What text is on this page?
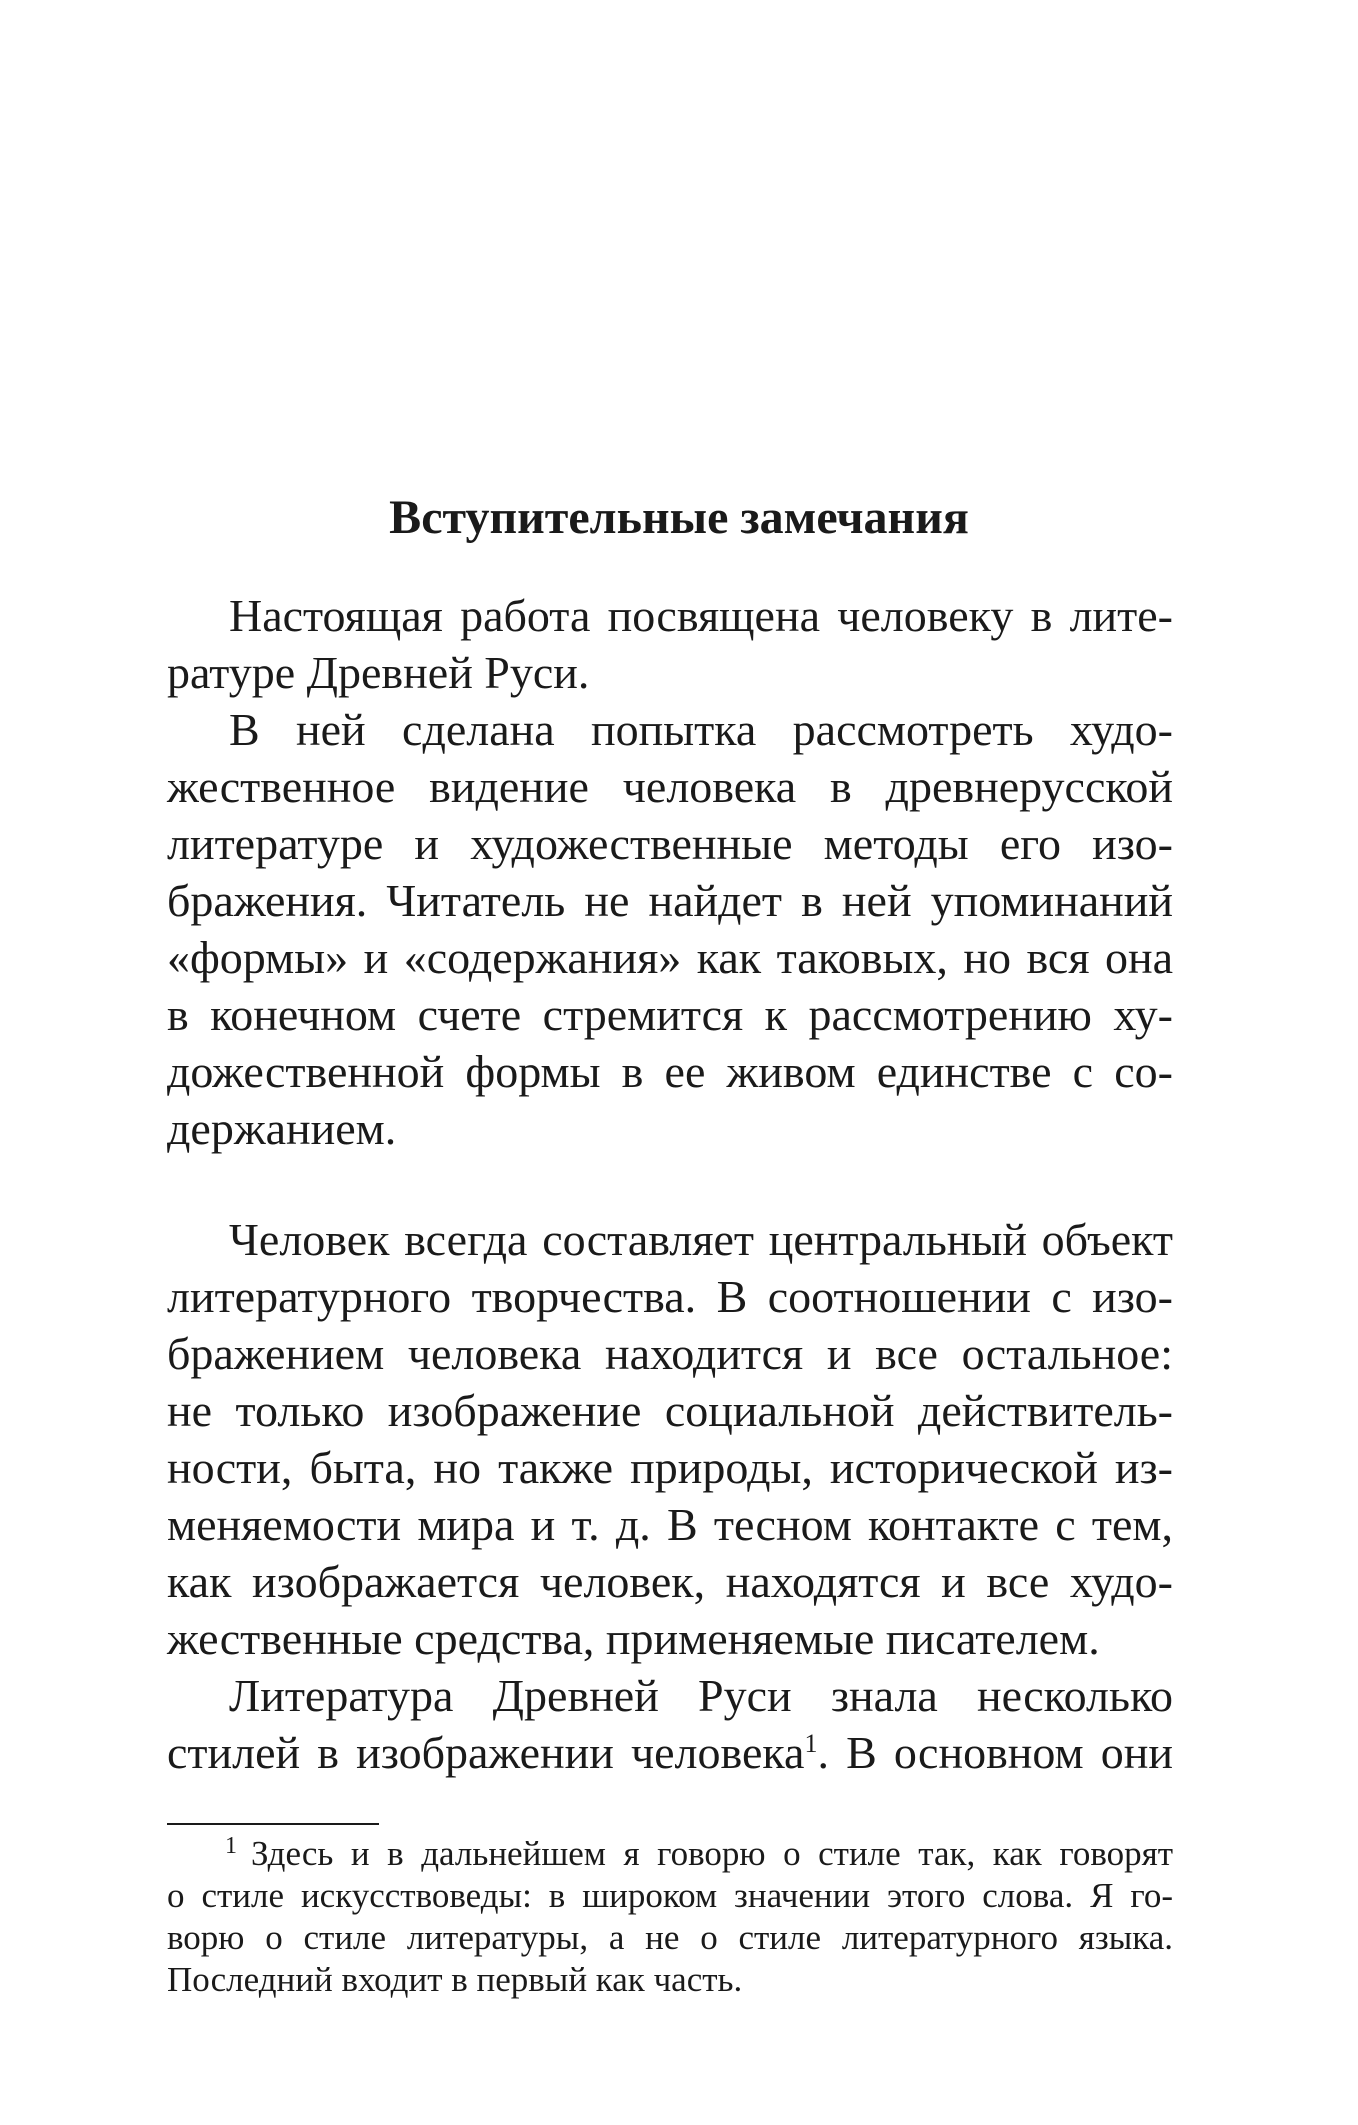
Вступительные замечания
Настоящая работа посвящена человеку в лите-
ратуре Древней Руси.
В ней сделана попытка рассмотреть худо-
жественное видение человека в древнерусской
литературе и художественные методы его изо-
бражения. Читатель не найдет в ней упоминаний
«формы» и «содержания» как таковых, но вся она
в конечном счете стремится к рассмотрению ху-
дожественной формы в ее живом единстве с со-
держанием.
Человек всегда составляет центральный объект
литературного творчества. В соотношении с изо-
бражением человека находится и все остальное:
не только изображение социальной действитель-
ности, быта, но также природы, исторической из-
меняемости мира и т. д. В тесном контакте с тем,
как изображается человек, находятся и все худо-
жественные средства, применяемые писателем.
Литература Древней Руси знала несколько
стилей в изображении человека$^1$. В основном они
$^1$ Здесь и в дальнейшем я говорю о стиле так, как говорят
о стиле искусствоведы: в широком значении этого слова. Я го-
ворю о стиле литературы, а не о стиле литературного языка.
Последний входит в первый как часть.
